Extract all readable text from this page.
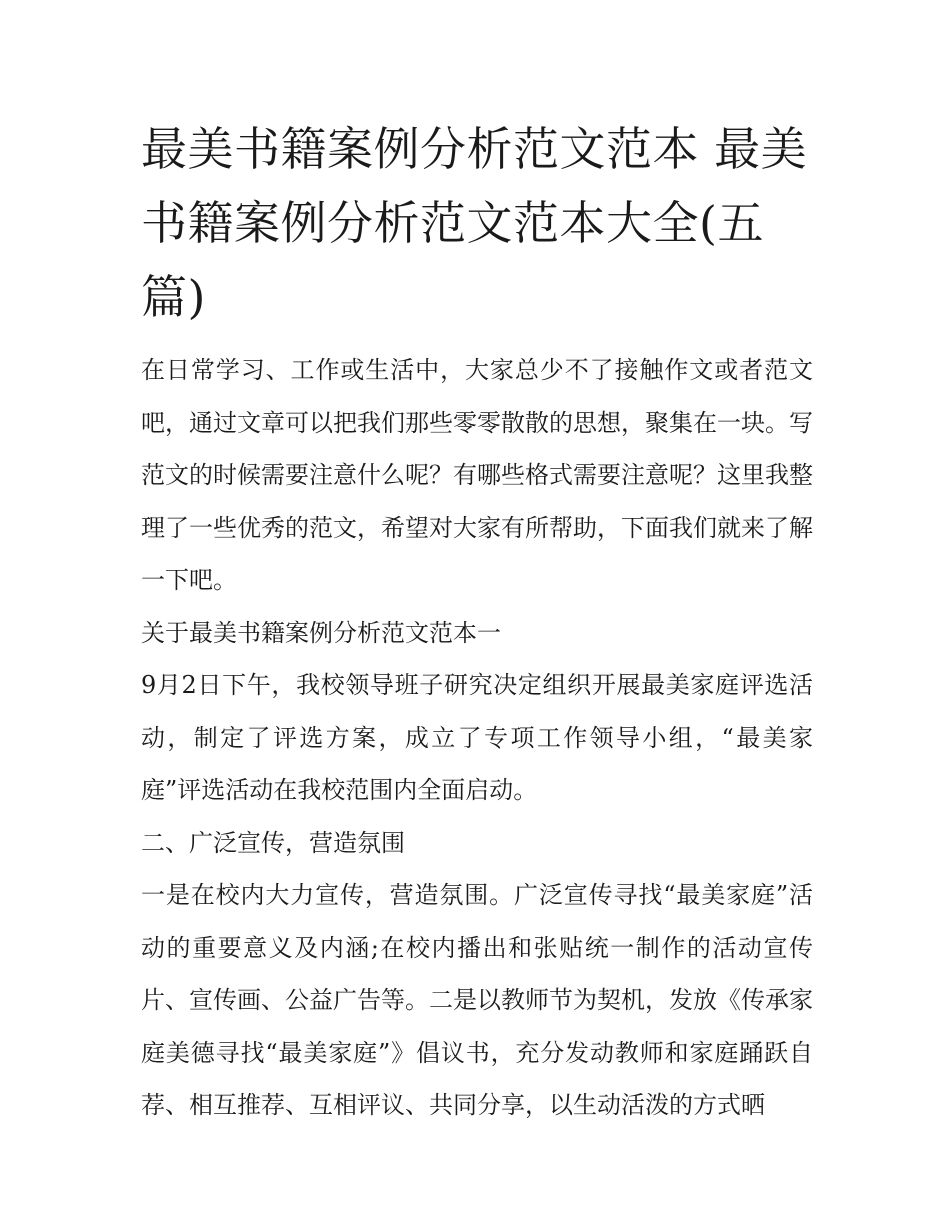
最美书籍案例分析范文范本 最美书籍案例分析范文范本大全(五篇)

在日常学习、工作或生活中，大家总少不了接触作文或者范文吧，通过文章可以把我们那些零零散散的思想，聚集在一块。写范文的时候需要注意什么呢？有哪些格式需要注意呢？这里我整理了一些优秀的范文，希望对大家有所帮助，下面我们就来了解一下吧。

关于最美书籍案例分析范文范本一

9月2日下午，我校领导班子研究决定组织开展最美家庭评选活动，制定了评选方案，成立了专项工作领导小组，“最美家庭”评选活动在我校范围内全面启动。

二、广泛宣传，营造氛围

一是在校内大力宣传，营造氛围。广泛宣传寻找“最美家庭”活动的重要意义及内涵;在校内播出和张贴统一制作的活动宣传片、宣传画、公益广告等。二是以教师节为契机，发放《传承家庭美德寻找“最美家庭”》倡议书，充分发动教师和家庭踊跃自荐、相互推荐、互相评议、共同分享，以生动活泼的方式晒
